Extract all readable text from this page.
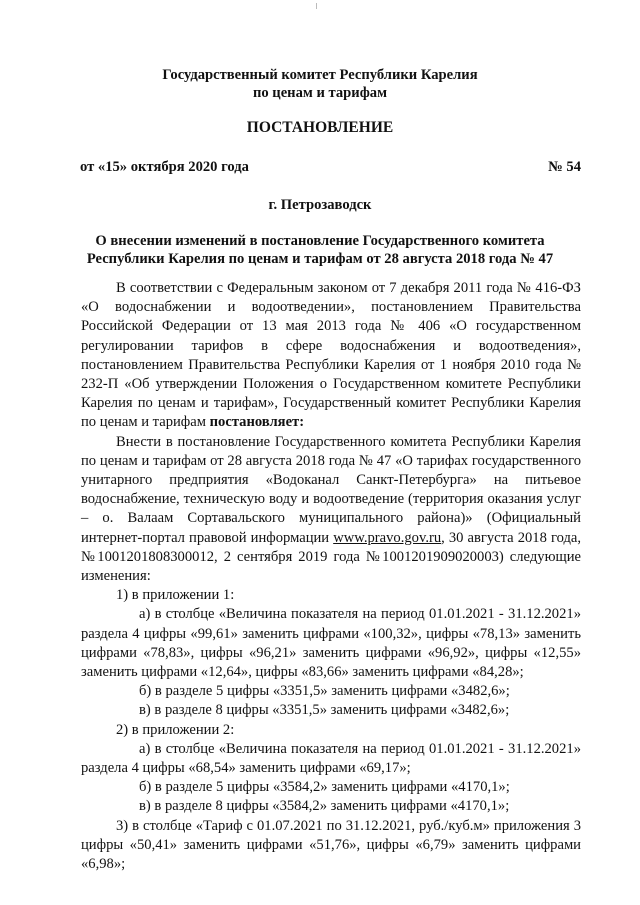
Государственный комитет Республики Карелия
по ценам и тарифам
ПОСТАНОВЛЕНИЕ
от «15» октября 2020 года	№ 54
г. Петрозаводск
О внесении изменений в постановление Государственного комитета
Республики Карелия по ценам и тарифам от 28 августа 2018 года № 47

В соответствии с Федеральным законом от 7 декабря 2011 года № 416-ФЗ «О водоснабжении и водоотведении», постановлением Правительства Российской Федерации от 13 мая 2013 года № 406 «О государственном регулировании тарифов в сфере водоснабжения и водоотведения», постановлением Правительства Республики Карелия от 1 ноября 2010 года № 232-П «Об утверждении Положения о Государственном комитете Республики Карелия по ценам и тарифам», Государственный комитет Республики Карелия по ценам и тарифам постановляет:

Внести в постановление Государственного комитета Республики Карелия по ценам и тарифам от 28 августа 2018 года № 47 «О тарифах государственного унитарного предприятия «Водоканал Санкт-Петербурга» на питьевое водоснабжение, техническую воду и водоотведение (территория оказания услуг – о. Валаам Сортавальского муниципального района)» (Официальный интернет-портал правовой информации www.pravo.gov.ru, 30 августа 2018 года, №1001201808300012, 2 сентября 2019 года №1001201909020003) следующие изменения:

1) в приложении 1:

а) в столбце «Величина показателя на период 01.01.2021 - 31.12.2021» раздела 4 цифры «99,61» заменить цифрами «100,32», цифры «78,13» заменить цифрами «78,83», цифры «96,21» заменить цифрами «96,92», цифры «12,55» заменить цифрами «12,64», цифры «83,66» заменить цифрами «84,28»;

б) в разделе 5 цифры «3351,5» заменить цифрами «3482,6»;

в) в разделе 8 цифры «3351,5» заменить цифрами «3482,6»;

2) в приложении 2:

а) в столбце «Величина показателя на период 01.01.2021 - 31.12.2021» раздела 4 цифры «68,54» заменить цифрами «69,17»;

б) в разделе 5 цифры «3584,2» заменить цифрами «4170,1»;

в) в разделе 8 цифры «3584,2» заменить цифрами «4170,1»;

3) в столбце «Тариф с 01.07.2021 по 31.12.2021, руб./куб.м» приложения 3 цифры «50,41» заменить цифрами «51,76», цифры «6,79» заменить цифрами «6,98»;
